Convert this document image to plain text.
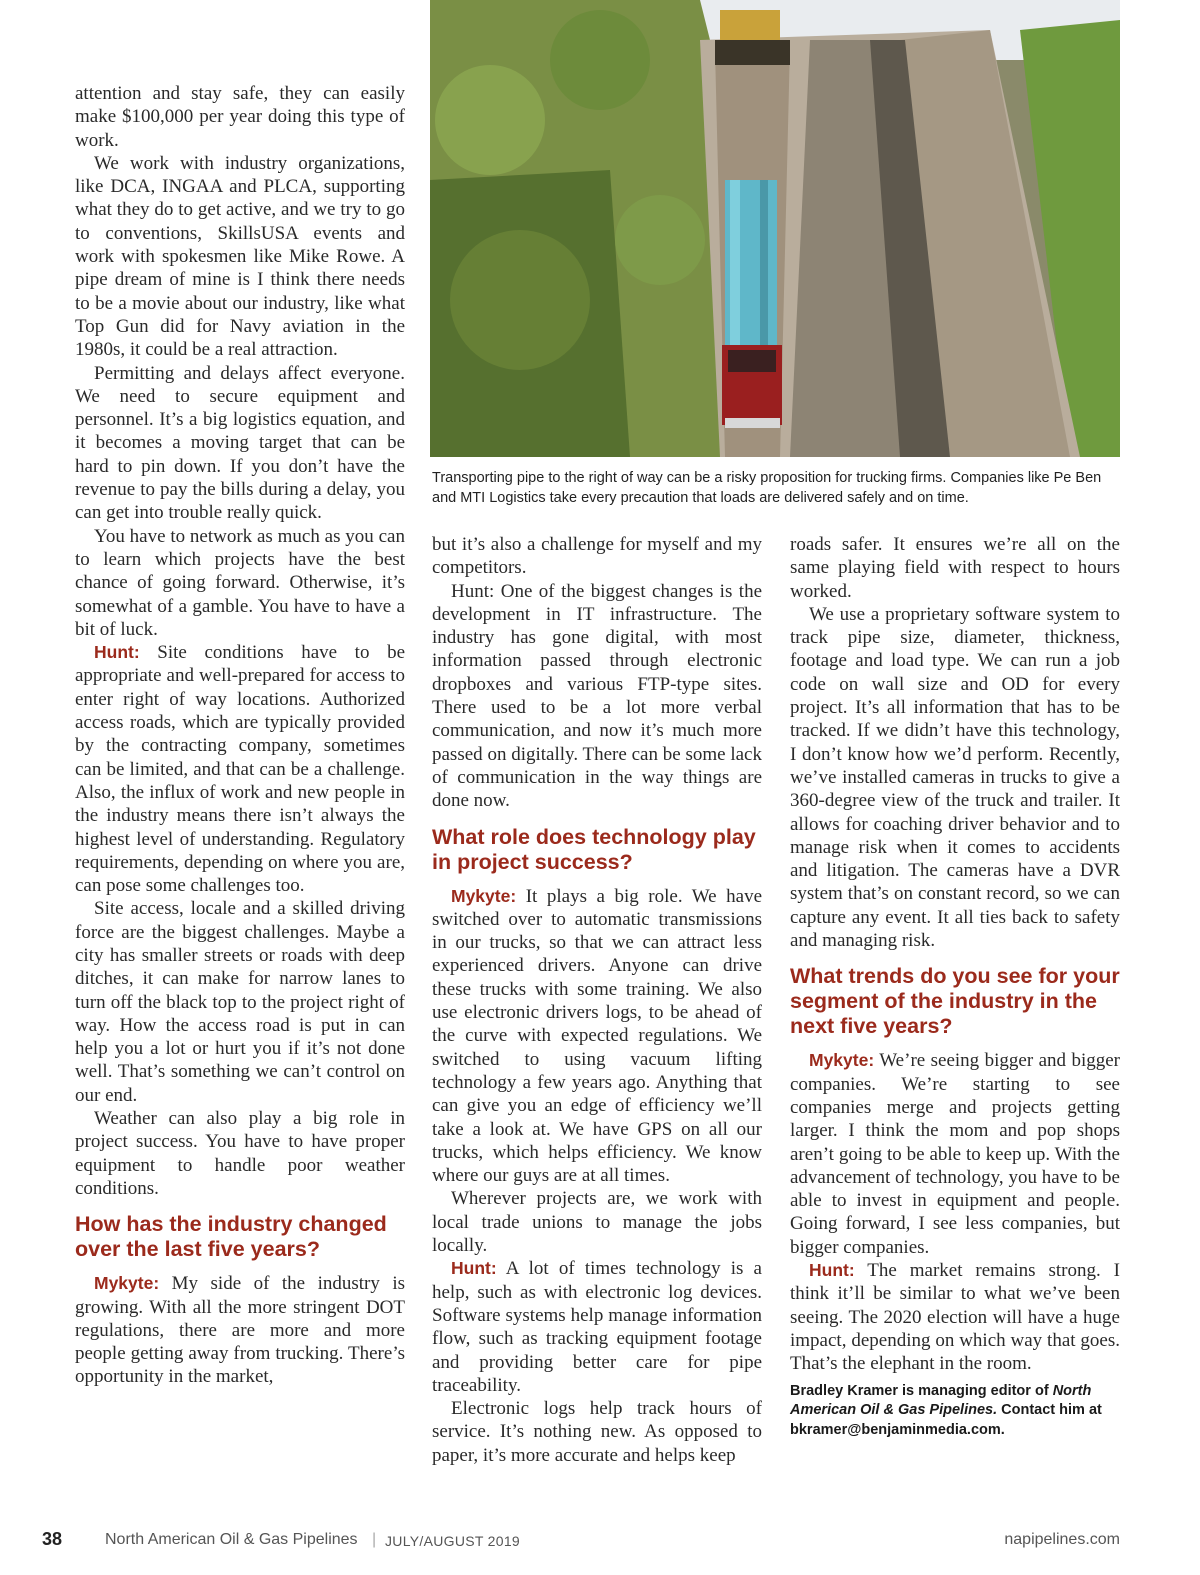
Transporting pipe to the right of way can be a risky proposition for trucking firms. Companies like Pe Ben and MTI Logistics take every precaution that loads are delivered safely and on time.

attention and stay safe, they can easily make $100,000 per year doing this type of work.

We work with industry organizations, like DCA, INGAA and PLCA, supporting what they do to get active, and we try to go to conventions, SkillsUSA events and work with spokesmen like Mike Rowe. A pipe dream of mine is I think there needs to be a movie about our industry, like what Top Gun did for Navy aviation in the 1980s, it could be a real attraction.

Permitting and delays affect everyone. We need to secure equipment and personnel. It’s a big logistics equation, and it becomes a moving target that can be hard to pin down. If you don’t have the revenue to pay the bills during a delay, you can get into trouble really quick.

You have to network as much as you can to learn which projects have the best chance of going forward. Otherwise, it’s somewhat of a gamble. You have to have a bit of luck.

Hunt: Site conditions have to be appropriate and well-prepared for access to enter right of way locations. Authorized access roads, which are typically provided by the contracting company, sometimes can be limited, and that can be a challenge. Also, the influx of work and new people in the industry means there isn’t always the highest level of understanding. Regulatory requirements, depending on where you are, can pose some challenges too.

Site access, locale and a skilled driving force are the biggest challenges. Maybe a city has smaller streets or roads with deep ditches, it can make for narrow lanes to turn off the black top to the project right of way. How the access road is put in can help you a lot or hurt you if it’s not done well. That’s something we can’t control on our end.

Weather can also play a big role in project success. You have to have proper equipment to handle poor weather conditions.

How has the industry changed over the last five years?

Mykyte: My side of the industry is growing. With all the more stringent DOT regulations, there are more and more people getting away from trucking. There’s opportunity in the market,

but it’s also a challenge for myself and my competitors.

Hunt: One of the biggest changes is the development in IT infrastructure. The industry has gone digital, with most information passed through electronic dropboxes and various FTP-type sites. There used to be a lot more verbal communication, and now it’s much more passed on digitally. There can be some lack of communication in the way things are done now.

What role does technology play in project success?

Mykyte: It plays a big role. We have switched over to automatic transmissions in our trucks, so that we can attract less experienced drivers. Anyone can drive these trucks with some training. We also use electronic drivers logs, to be ahead of the curve with expected regulations. We switched to using vacuum lifting technology a few years ago. Anything that can give you an edge of efficiency we’ll take a look at. We have GPS on all our trucks, which helps efficiency. We know where our guys are at all times.

Wherever projects are, we work with local trade unions to manage the jobs locally.

Hunt: A lot of times technology is a help, such as with electronic log devices. Software systems help manage information flow, such as tracking equipment footage and providing better care for pipe traceability.

Electronic logs help track hours of service. It’s nothing new. As opposed to paper, it’s more accurate and helps keep

roads safer. It ensures we’re all on the same playing field with respect to hours worked.

We use a proprietary software system to track pipe size, diameter, thickness, footage and load type. We can run a job code on wall size and OD for every project. It’s all information that has to be tracked. If we didn’t have this technology, I don’t know how we’d perform. Recently, we’ve installed cameras in trucks to give a 360-degree view of the truck and trailer. It allows for coaching driver behavior and to manage risk when it comes to accidents and litigation. The cameras have a DVR system that’s on constant record, so we can capture any event. It all ties back to safety and managing risk.

What trends do you see for your segment of the industry in the next five years?

Mykyte: We’re seeing bigger and bigger companies. We’re starting to see companies merge and projects getting larger. I think the mom and pop shops aren’t going to be able to keep up. With the advancement of technology, you have to be able to invest in equipment and people. Going forward, I see less companies, but bigger companies.

Hunt: The market remains strong. I think it’ll be similar to what we’ve been seeing. The 2020 election will have a huge impact, depending on which way that goes. That’s the elephant in the room.

Bradley Kramer is managing editor of North American Oil & Gas Pipelines. Contact him at bkramer@benjaminmedia.com.
38	North American Oil & Gas Pipelines | JULY/AUGUST 2019	napipelines.com
